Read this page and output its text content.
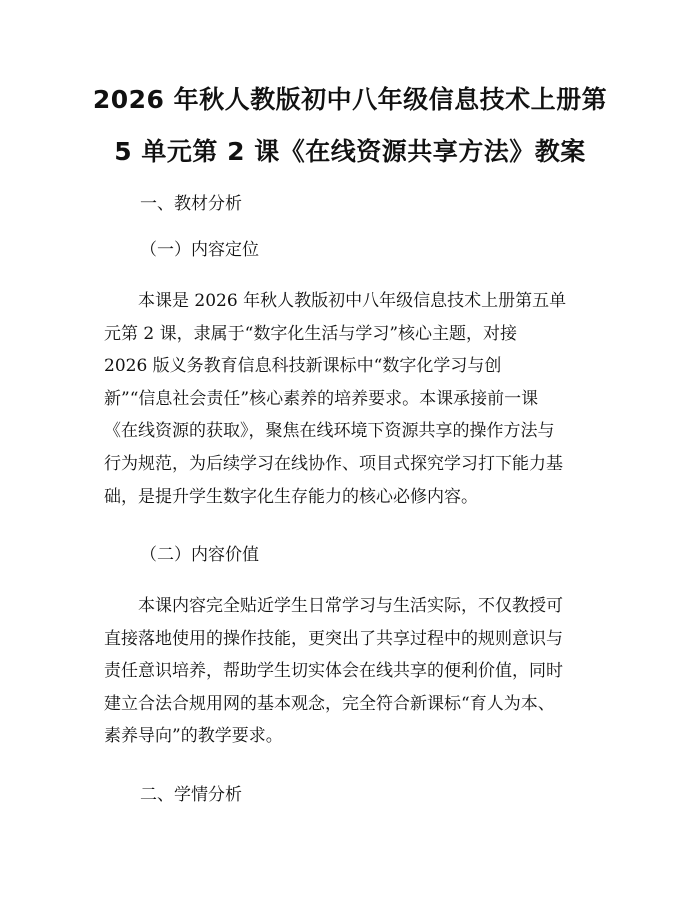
2026 年秋人教版初中八年级信息技术上册第
5 单元第 2 课《在线资源共享方法》教案
一、教材分析
（一）内容定位
本课是 2026 年秋人教版初中八年级信息技术上册第五单
元第 2 课，隶属于“数字化生活与学习”核心主题，对接
2026 版义务教育信息科技新课标中“数字化学习与创
新”“信息社会责任”核心素养的培养要求。本课承接前一课
《在线资源的获取》，聚焦在线环境下资源共享的操作方法与
行为规范，为后续学习在线协作、项目式探究学习打下能力基
础，是提升学生数字化生存能力的核心必修内容。
（二）内容价值
本课内容完全贴近学生日常学习与生活实际，不仅教授可
直接落地使用的操作技能，更突出了共享过程中的规则意识与
责任意识培养，帮助学生切实体会在线共享的便利价值，同时
建立合法合规用网的基本观念，完全符合新课标“育人为本、
素养导向”的教学要求。
二、学情分析
